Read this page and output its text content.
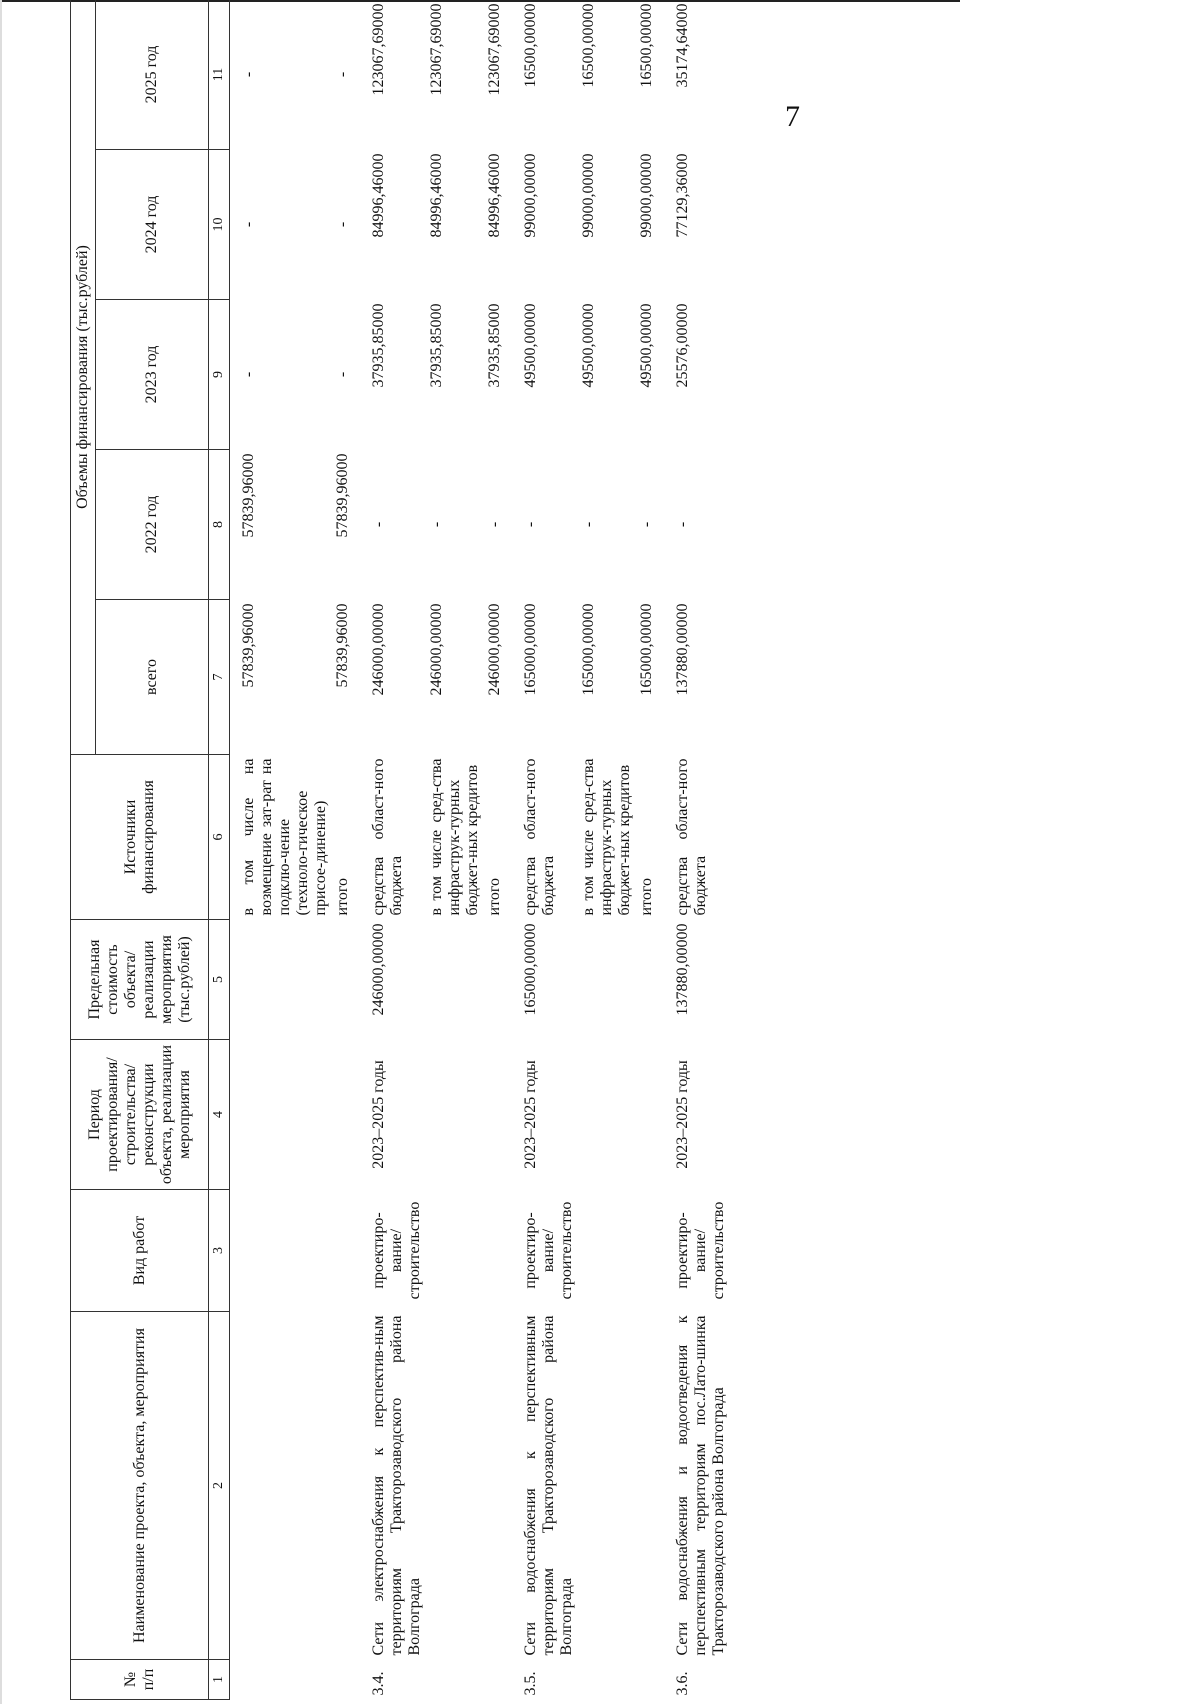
7
№ п/п	Наименование проекта, объекта, мероприятия	Вид работ	Период проектирования/ строительства/ реконструкции объекта, реализации мероприятия	Предельная стоимость объекта/ реализации мероприятия (тыс.рублей)	Источники финансирования	Объемы финансирования (тыс.рублей)				
						всего	2022 год	2023 год	2024 год	2025 год
1	2	3	4	5	6	7	8	9	10	11
					в том числе на возмещение зат-рат на подклю-чение (техноло-гическое присое-динение)	57839,96000	57839,96000	-	-	-
					итого	57839,96000	57839,96000	-	-	-
3.4.	Сети электроснабжения к перспектив-ным территориям Тракторозаводского района Волгограда	проектиро-вание/ строительство	2023–2025 годы	246000,00000	средства област-ного бюджета	246000,00000	-	37935,85000	84996,46000	123067,69000
					в том числе сред-ства инфраструк-турных бюджет-ных кредитов	246000,00000	-	37935,85000	84996,46000	123067,69000
					итого	246000,00000	-	37935,85000	84996,46000	123067,69000
3.5.	Сети водоснабжения к перспективным территориям Тракторозаводского района Волгограда	проектиро-вание/ строительство	2023–2025 годы	165000,00000	средства област-ного бюджета	165000,00000	-	49500,00000	99000,00000	16500,00000
					в том числе сред-ства инфраструк-турных бюджет-ных кредитов	165000,00000	-	49500,00000	99000,00000	16500,00000
					итого	165000,00000	-	49500,00000	99000,00000	16500,00000
3.6.	Сети водоснабжения и водоотведения к перспективным территориям пос.Лато-шинка Тракторозаводского района Волгограда	проектиро-вание/ строительство	2023–2025 годы	137880,00000	средства област-ного бюджета	137880,00000	-	25576,00000	77129,36000	35174,64000
